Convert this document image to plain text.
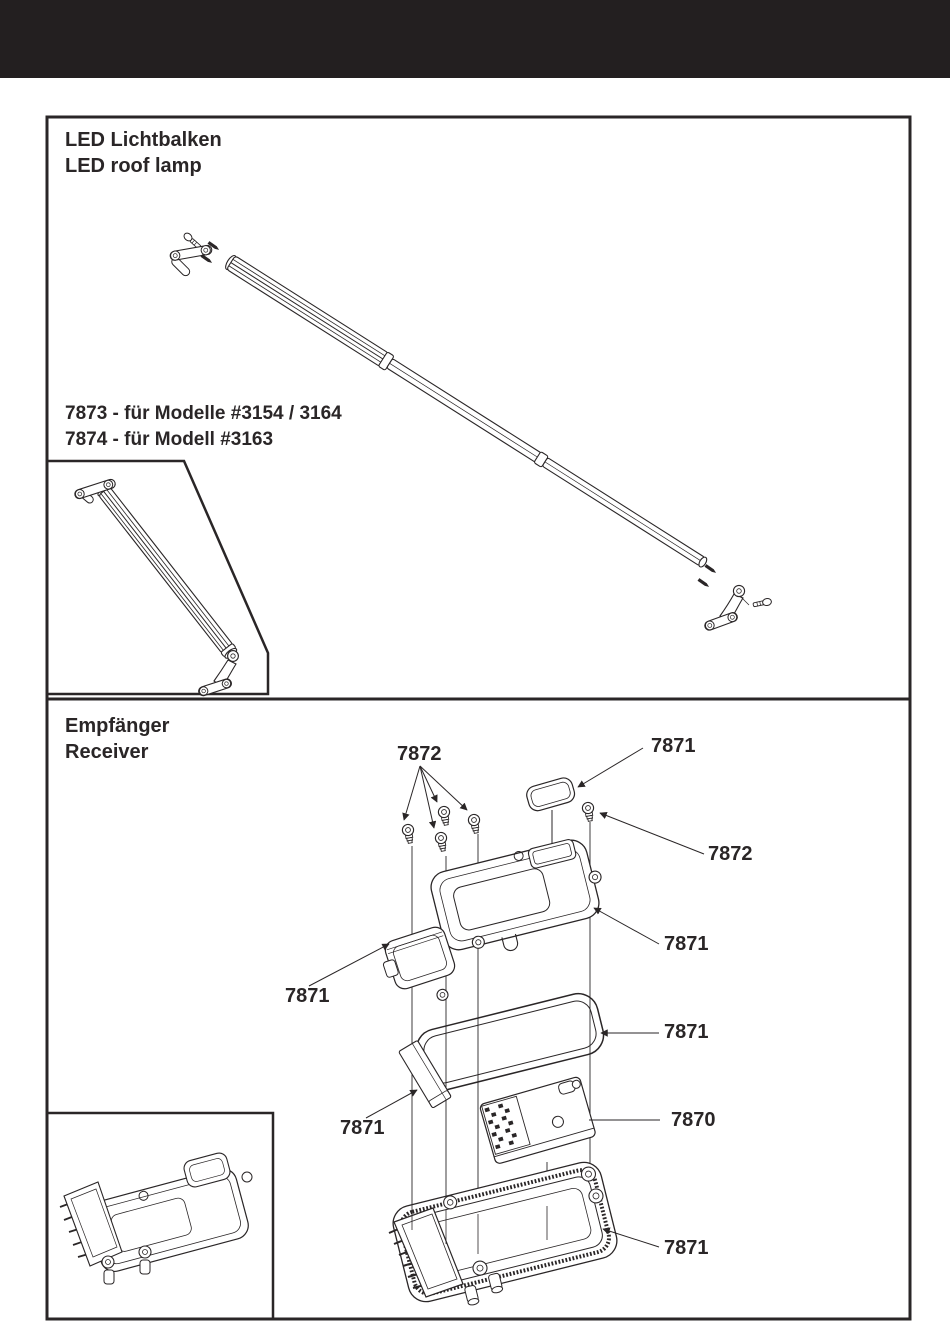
LED Lichtbalken
LED roof lamp
7873 - für Modelle #3154 / 3164
7874 - für Modell #3163
Empfänger
Receiver	7872	7871
7872
7871
7871
7871
7871	7870
7871
